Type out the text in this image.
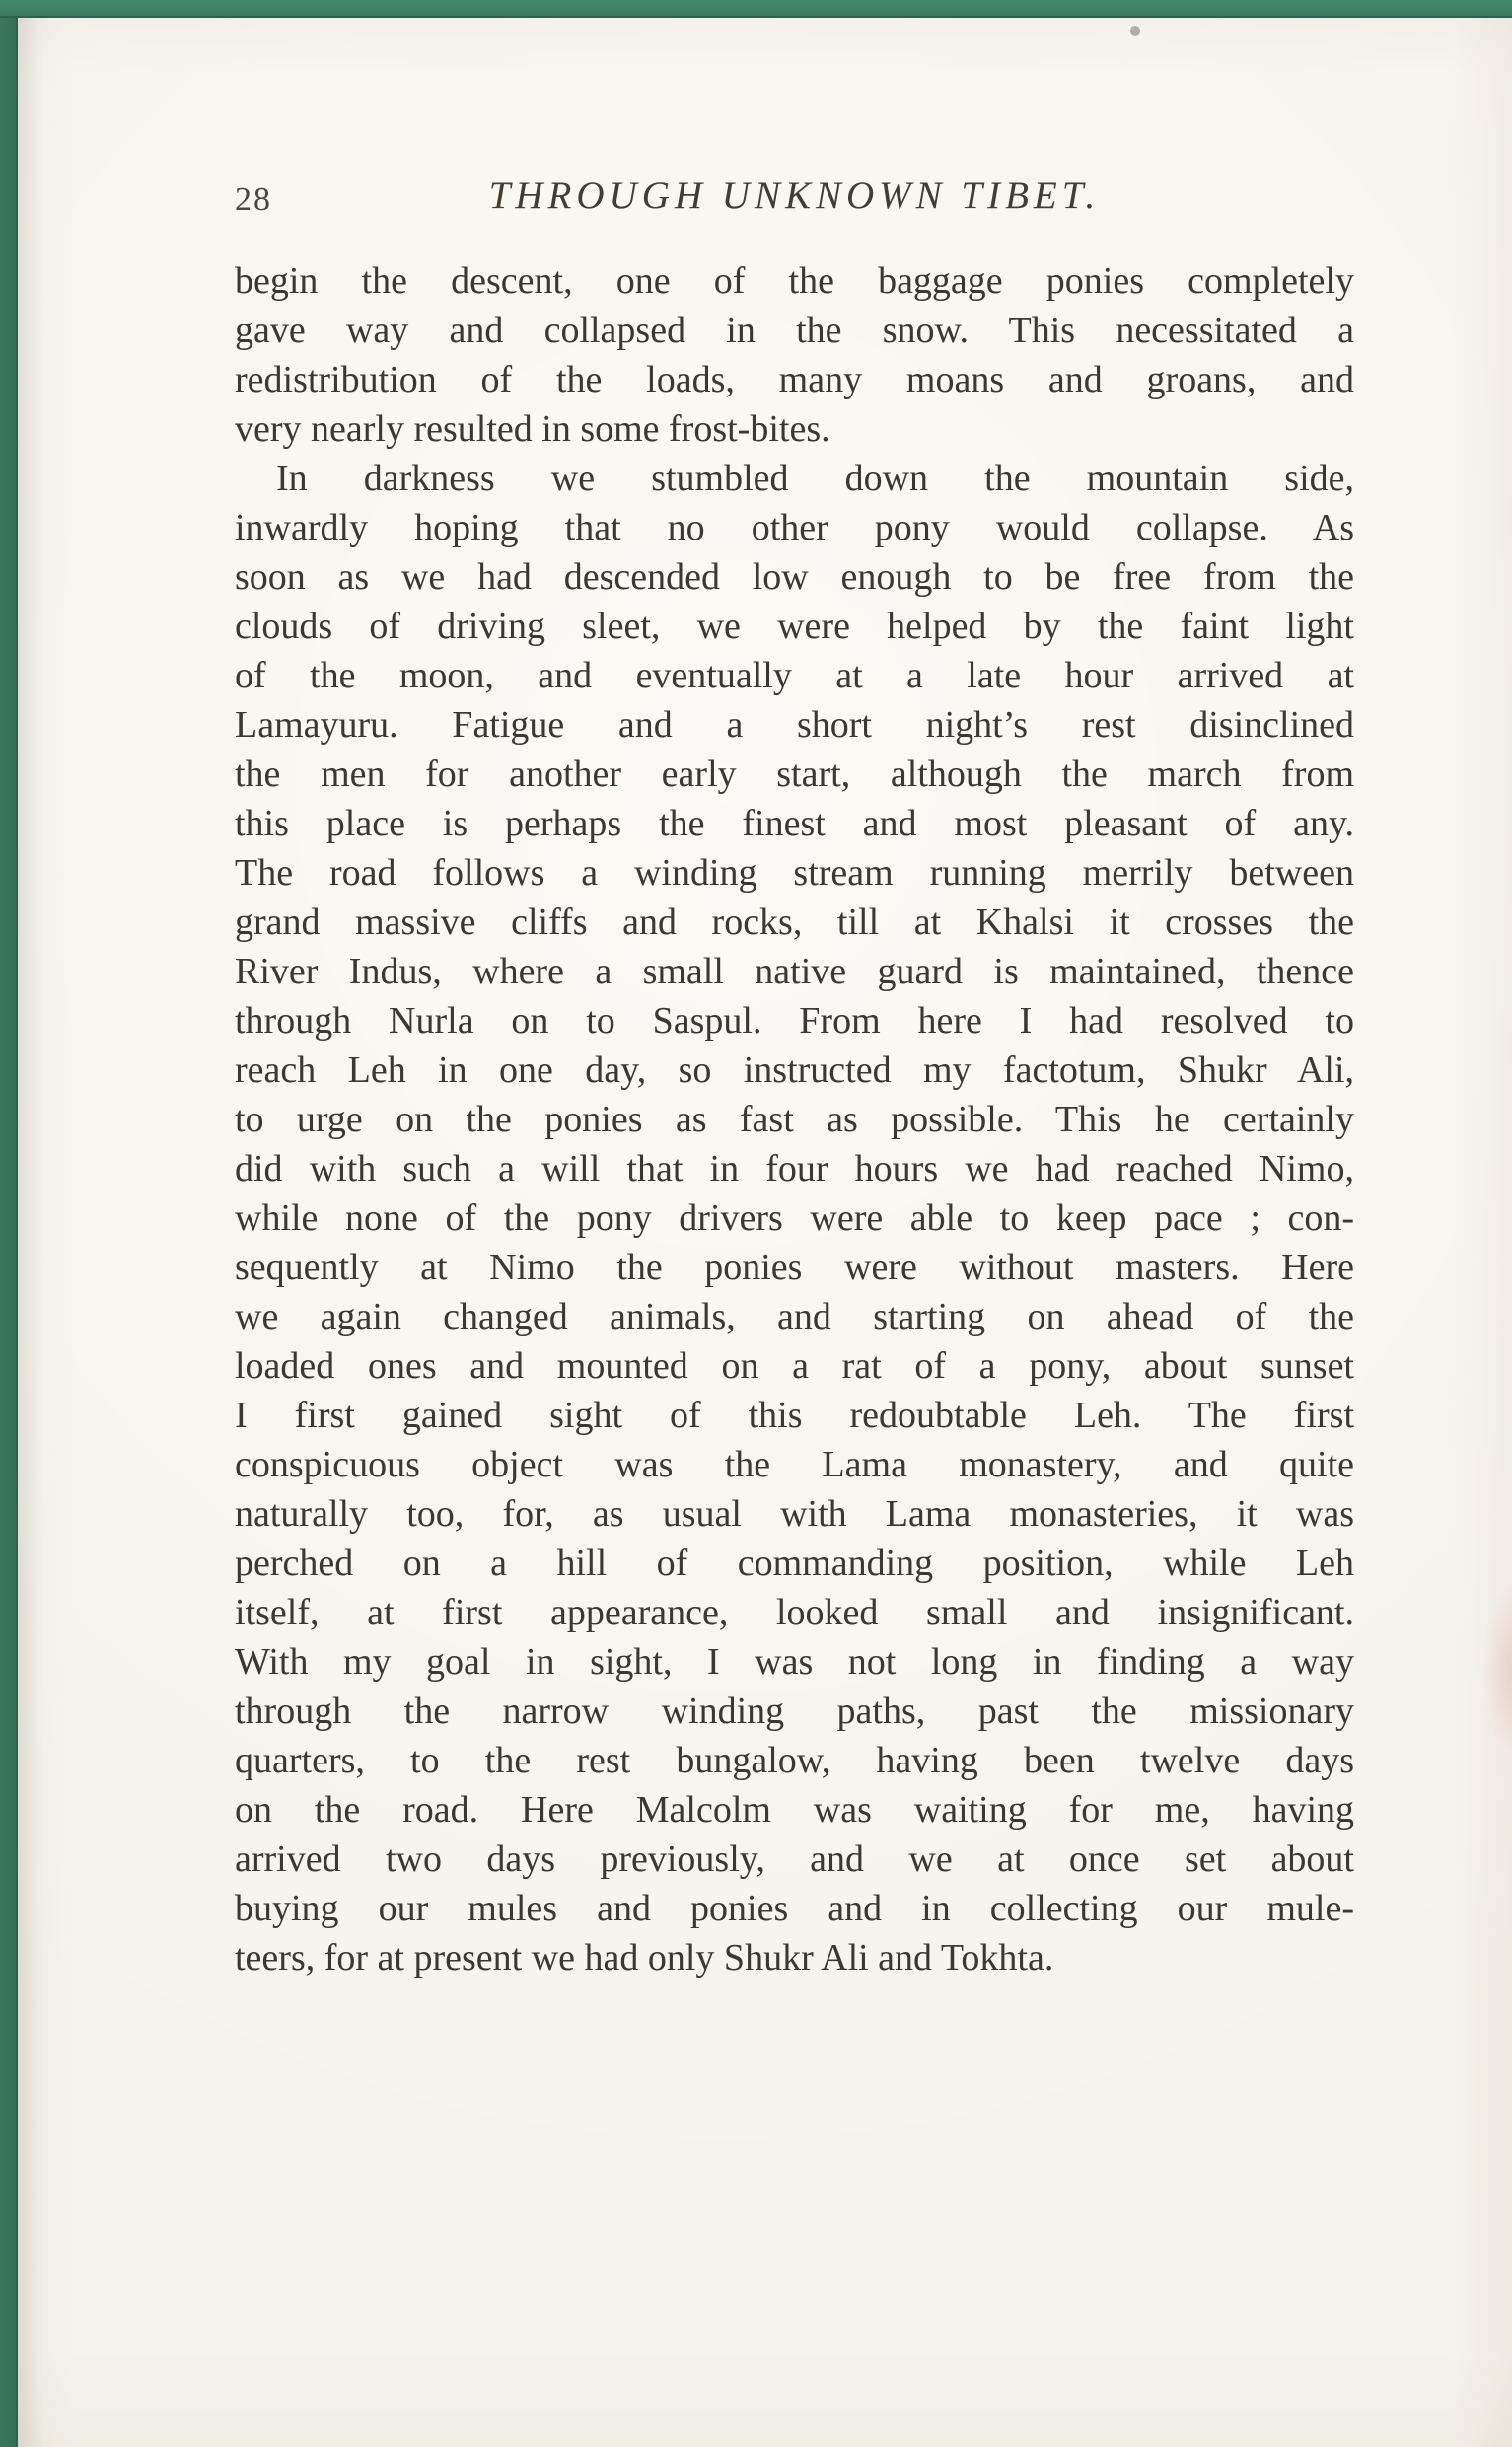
28	THROUGH UNKNOWN TIBET.
begin the descent, one of the baggage ponies completely
gave way and collapsed in the snow. This necessitated a
redistribution of the loads, many moans and groans, and
very nearly resulted in some frost-bites.
In darkness we stumbled down the mountain side,
inwardly hoping that no other pony would collapse. As
soon as we had descended low enough to be free from the
clouds of driving sleet, we were helped by the faint light
of the moon, and eventually at a late hour arrived at
Lamayuru. Fatigue and a short night’s rest disinclined
the men for another early start, although the march from
this place is perhaps the finest and most pleasant of any.
The road follows a winding stream running merrily between
grand massive cliffs and rocks, till at Khalsi it crosses the
River Indus, where a small native guard is maintained, thence
through Nurla on to Saspul. From here I had resolved to
reach Leh in one day, so instructed my factotum, Shukr Ali,
to urge on the ponies as fast as possible. This he certainly
did with such a will that in four hours we had reached Nimo,
while none of the pony drivers were able to keep pace ; con-
sequently at Nimo the ponies were without masters. Here
we again changed animals, and starting on ahead of the
loaded ones and mounted on a rat of a pony, about sunset
I first gained sight of this redoubtable Leh. The first
conspicuous object was the Lama monastery, and quite
naturally too, for, as usual with Lama monasteries, it was
perched on a hill of commanding position, while Leh
itself, at first appearance, looked small and insignificant.
With my goal in sight, I was not long in finding a way
through the narrow winding paths, past the missionary
quarters, to the rest bungalow, having been twelve days
on the road. Here Malcolm was waiting for me, having
arrived two days previously, and we at once set about
buying our mules and ponies and in collecting our mule-
teers, for at present we had only Shukr Ali and Tokhta.
